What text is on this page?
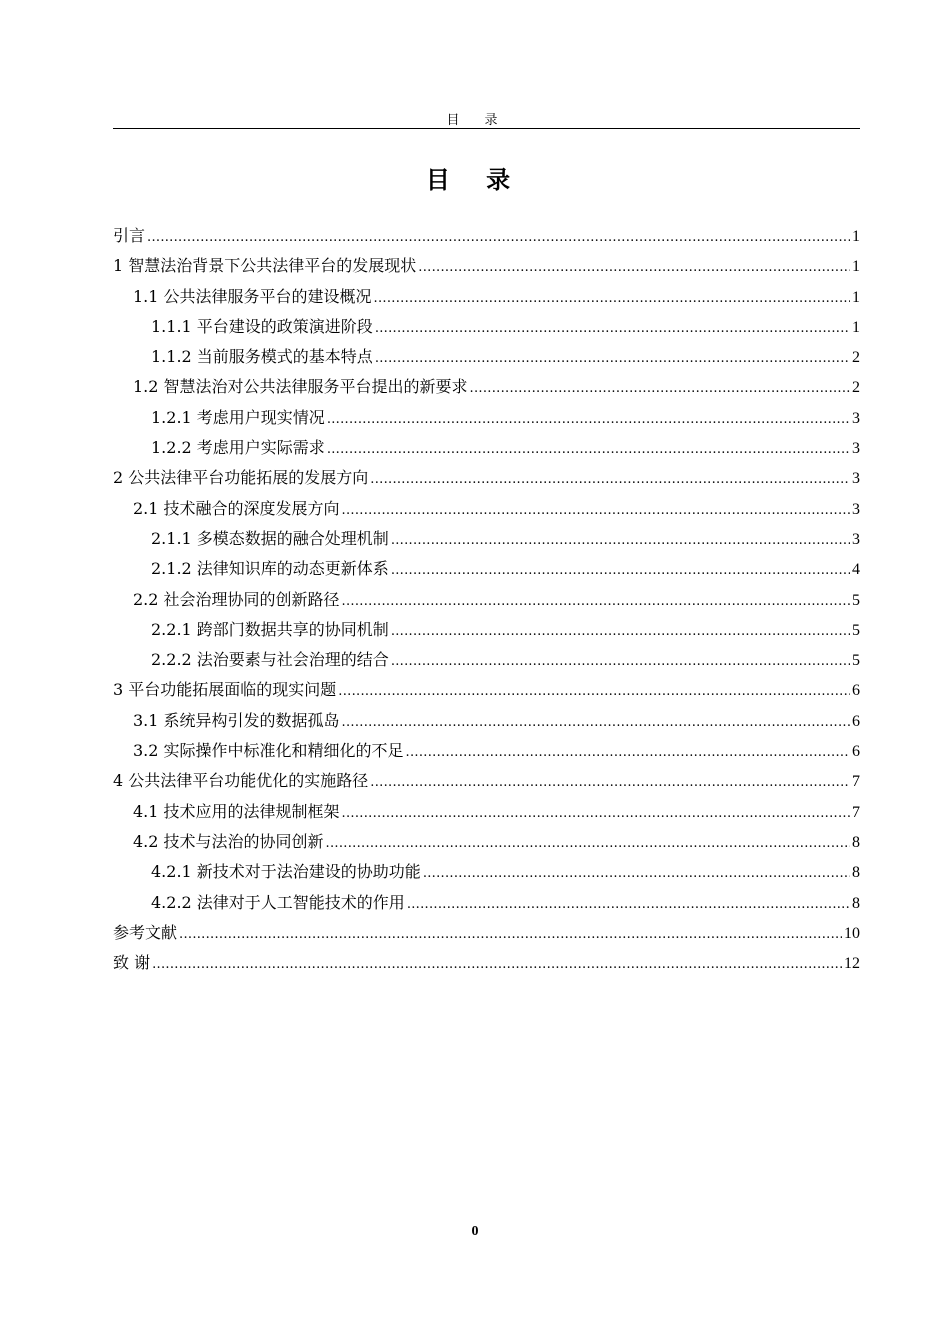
目　录
目 录
引言 .....	1
1 智慧法治背景下公共法律平台的发展现状 .....	1
1.1 公共法律服务平台的建设概况 .....	1
1.1.1 平台建设的政策演进阶段 .....	1
1.1.2 当前服务模式的基本特点 .....	2
1.2 智慧法治对公共法律服务平台提出的新要求 .....	2
1.2.1 考虑用户现实情况 .....	3
1.2.2 考虑用户实际需求 .....	3
2 公共法律平台功能拓展的发展方向 .....	3
2.1 技术融合的深度发展方向 .....	3
2.1.1 多模态数据的融合处理机制 .....	3
2.1.2 法律知识库的动态更新体系 .....	4
2.2 社会治理协同的创新路径 .....	5
2.2.1 跨部门数据共享的协同机制 .....	5
2.2.2 法治要素与社会治理的结合 .....	5
3 平台功能拓展面临的现实问题 .....	6
3.1 系统异构引发的数据孤岛 .....	6
3.2 实际操作中标准化和精细化的不足 .....	6
4 公共法律平台功能优化的实施路径 .....	7
4.1 技术应用的法律规制框架 .....	7
4.2 技术与法治的协同创新 .....	8
4.2.1 新技术对于法治建设的协助功能 .....	8
4.2.2 法律对于人工智能技术的作用 .....	8
参考文献 .....	10
致 谢 .....	12
0
